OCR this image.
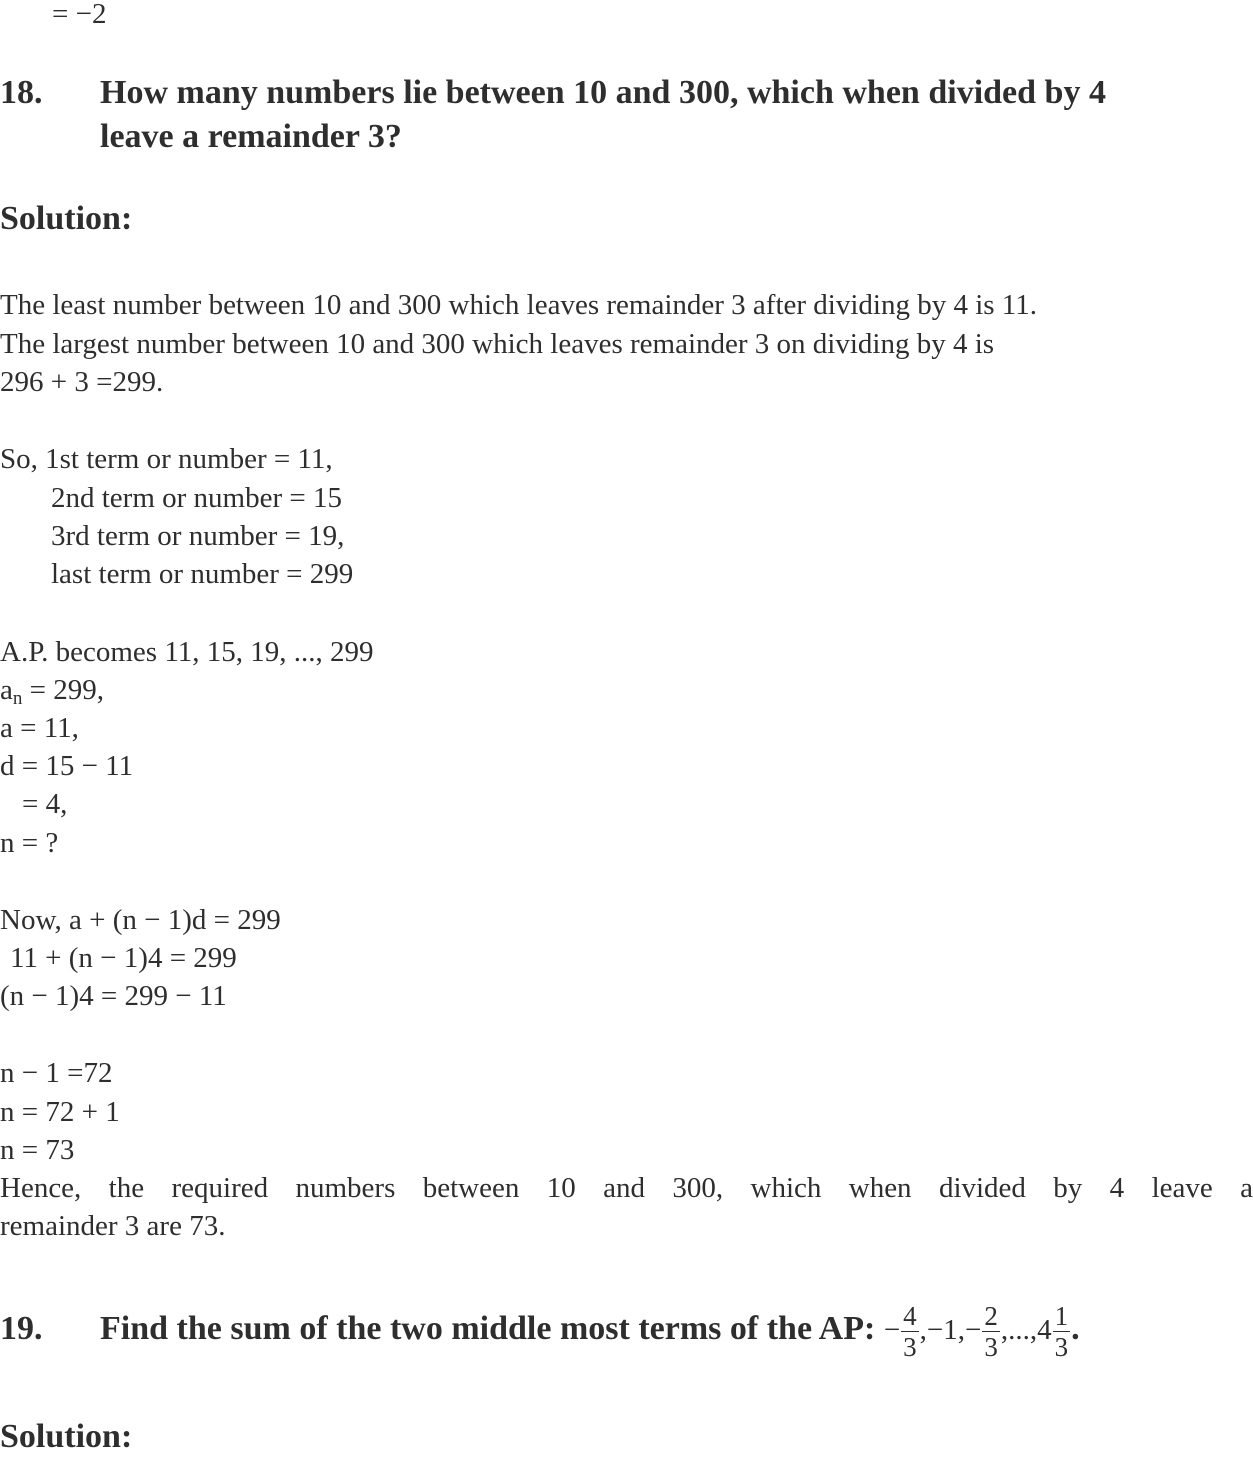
= −2
18. How many numbers lie between 10 and 300, which when divided by 4
leave a remainder 3?
Solution:
The least number between 10 and 300 which leaves remainder 3 after dividing by 4 is 11.
The largest number between 10 and 300 which leaves remainder 3 on dividing by 4 is
296 + 3 =299.
So, 1st term or number = 11,
2nd term or number = 15
3rd term or number = 19,
last term or number = 299
A.P. becomes 11, 15, 19, ..., 299
$a_n = 299$,
a = 11,
d = 15 − 11
= 4,
n = ?
Now, a + (n − 1)d = 299
11 + (n − 1)4 = 299
(n − 1)4 = 299 − 11
n − 1 =72
n = 72 + 1
n = 73
Hence, the required numbers between 10 and 300, which when divided by 4 leave a
remainder 3 are 73.
19. Find the sum of the two middle most terms of the AP: − $\frac{4}{3} ,-1,- \frac{2}{3} ,...,4 \frac{1}{3}$ .
Solution:
